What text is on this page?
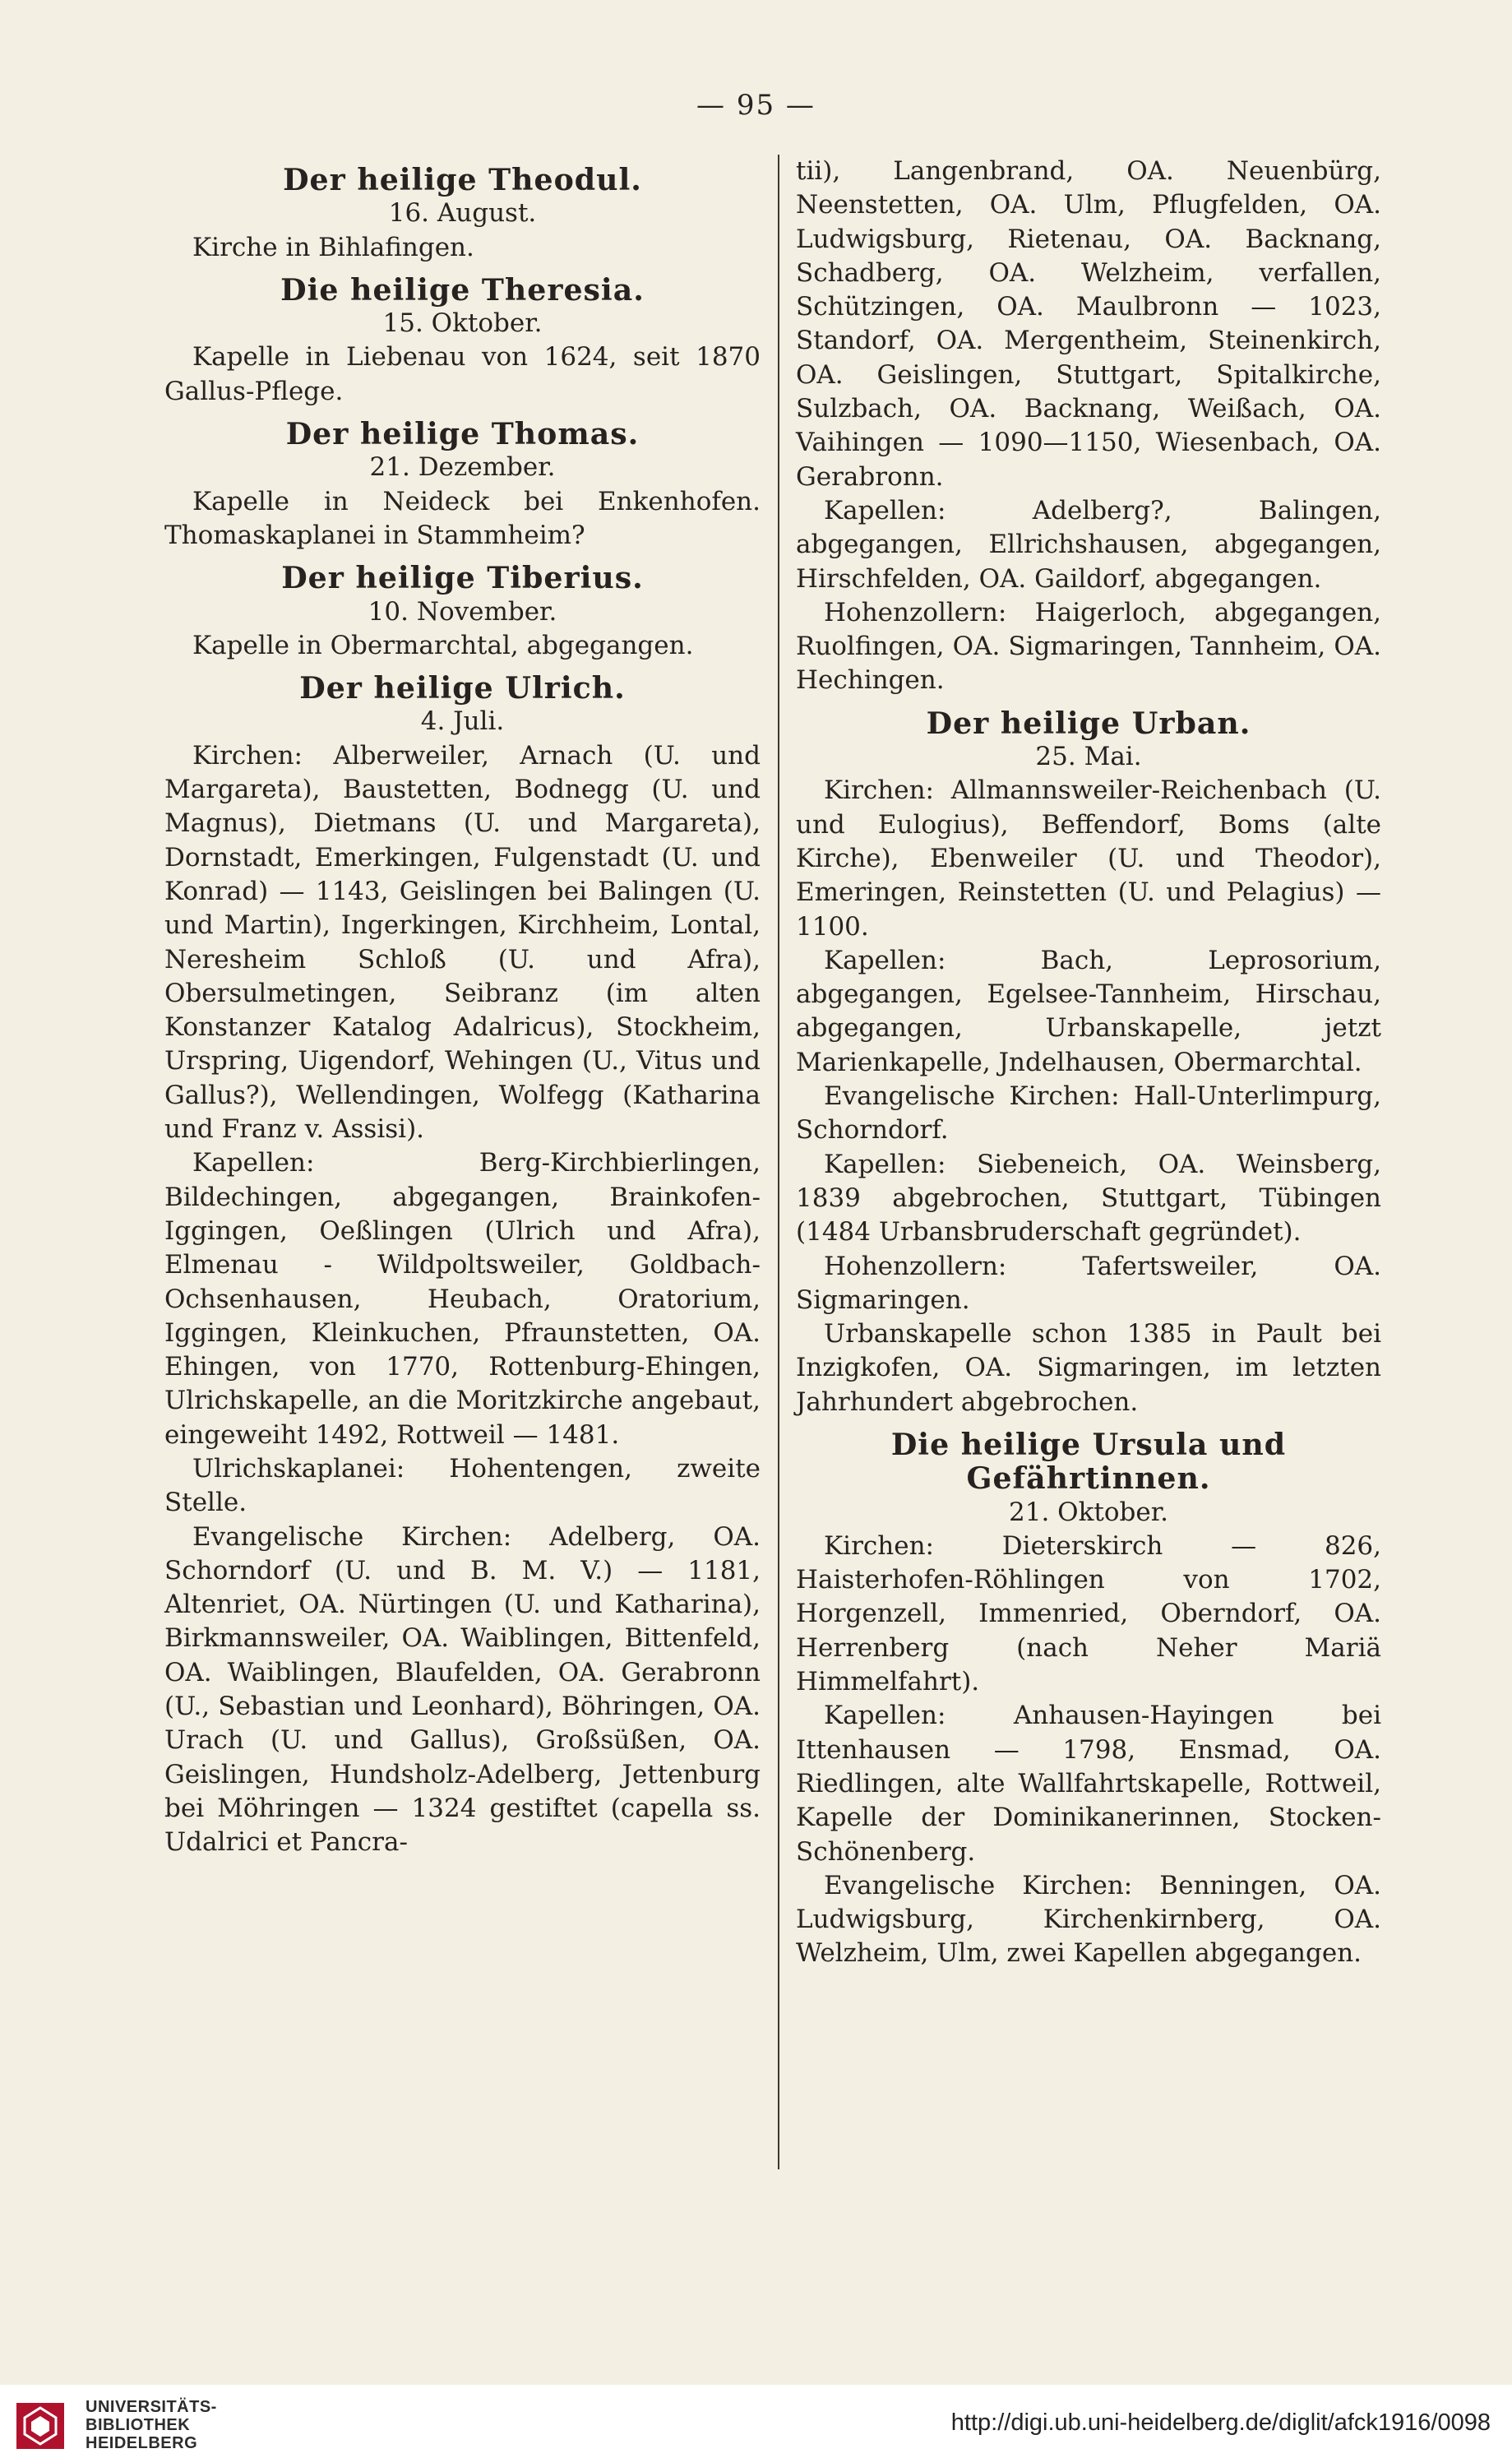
— 95 —
Der heilige Theodul.

16. August.

Kirche in Bihlafingen.

Die heilige Theresia.

15. Oktober.

Kapelle in Liebenau von 1624, seit 1870 Gallus-Pflege.

Der heilige Thomas.

21. Dezember.

Kapelle in Neideck bei Enkenhofen. Thomaskaplanei in Stammheim?

Der heilige Tiberius.

10. November.

Kapelle in Obermarchtal, abgegangen.

Der heilige Ulrich.

4. Juli.

Kirchen: Alberweiler, Arnach (U. und Margareta), Baustetten, Bodnegg (U. und Magnus), Dietmans (U. und Margareta), Dornstadt, Emerkingen, Fulgenstadt (U. und Konrad) — 1143, Geislingen bei Balingen (U. und Martin), Ingerkingen, Kirchheim, Lontal, Neresheim Schloß (U. und Afra), Obersulmetingen, Seibranz (im alten Konstanzer Katalog Adalricus), Stockheim, Urspring, Uigendorf, Wehingen (U., Vitus und Gallus?), Wellendingen, Wolfegg (Katharina und Franz v. Assisi).

Kapellen: Berg-Kirchbierlingen, Bildechingen, abgegangen, Brainkofen-Iggingen, Oeßlingen (Ulrich und Afra), Elmenau - Wildpoltsweiler, Goldbach-Ochsenhausen, Heubach, Oratorium, Iggingen, Kleinkuchen, Pfraunstetten, OA. Ehingen, von 1770, Rottenburg-Ehingen, Ulrichskapelle, an die Moritzkirche angebaut, eingeweiht 1492, Rottweil — 1481.

Ulrichskaplanei: Hohentengen, zweite Stelle.

Evangelische Kirchen: Adelberg, OA. Schorndorf (U. und B. M. V.) — 1181, Altenriet, OA. Nürtingen (U. und Katharina), Birkmannsweiler, OA. Waiblingen, Bittenfeld, OA. Waiblingen, Blaufelden, OA. Gerabronn (U., Sebastian und Leonhard), Böhringen, OA. Urach (U. und Gallus), Großsüßen, OA. Geislingen, Hundsholz-Adelberg, Jettenburg bei Möhringen — 1324 gestiftet (capella ss. Udalrici et Pancra-

tii), Langenbrand, OA. Neuenbürg, Neenstetten, OA. Ulm, Pflugfelden, OA. Ludwigsburg, Rietenau, OA. Backnang, Schadberg, OA. Welzheim, verfallen, Schützingen, OA. Maulbronn — 1023, Standorf, OA. Mergentheim, Steinenkirch, OA. Geislingen, Stuttgart, Spitalkirche, Sulzbach, OA. Backnang, Weißach, OA. Vaihingen — 1090—1150, Wiesenbach, OA. Gerabronn.

Kapellen: Adelberg?, Balingen, abgegangen, Ellrichshausen, abgegangen, Hirschfelden, OA. Gaildorf, abgegangen.

Hohenzollern: Haigerloch, abgegangen, Ruolfingen, OA. Sigmaringen, Tannheim, OA. Hechingen.

Der heilige Urban.

25. Mai.

Kirchen: Allmannsweiler-Reichenbach (U. und Eulogius), Beffendorf, Boms (alte Kirche), Ebenweiler (U. und Theodor), Emeringen, Reinstetten (U. und Pelagius) — 1100.

Kapellen: Bach, Leprosorium, abgegangen, Egelsee-Tannheim, Hirschau, abgegangen, Urbanskapelle, jetzt Marienkapelle, Jndelhausen, Obermarchtal.

Evangelische Kirchen: Hall-Unterlimpurg, Schorndorf.

Kapellen: Siebeneich, OA. Weinsberg, 1839 abgebrochen, Stuttgart, Tübingen (1484 Urbansbruderschaft gegründet).

Hohenzollern: Tafertsweiler, OA. Sigmaringen.

Urbanskapelle schon 1385 in Pault bei Inzigkofen, OA. Sigmaringen, im letzten Jahrhundert abgebrochen.

Die heilige Ursula und Gefährtinnen.

21. Oktober.

Kirchen: Dieterskirch — 826, Haisterhofen-Röhlingen von 1702, Horgenzell, Immenried, Oberndorf, OA. Herrenberg (nach Neher Mariä Himmelfahrt).

Kapellen: Anhausen-Hayingen bei Ittenhausen — 1798, Ensmad, OA. Riedlingen, alte Wallfahrtskapelle, Rottweil, Kapelle der Dominikanerinnen, Stocken-Schönenberg.

Evangelische Kirchen: Benningen, OA. Ludwigsburg, Kirchenkirnberg, OA. Welzheim, Ulm, zwei Kapellen abgegangen.

UNIVERSITÄTS-
BIBLIOTHEK
HEIDELBERG
http://digi.ub.uni-heidelberg.de/diglit/afck1916/0098
